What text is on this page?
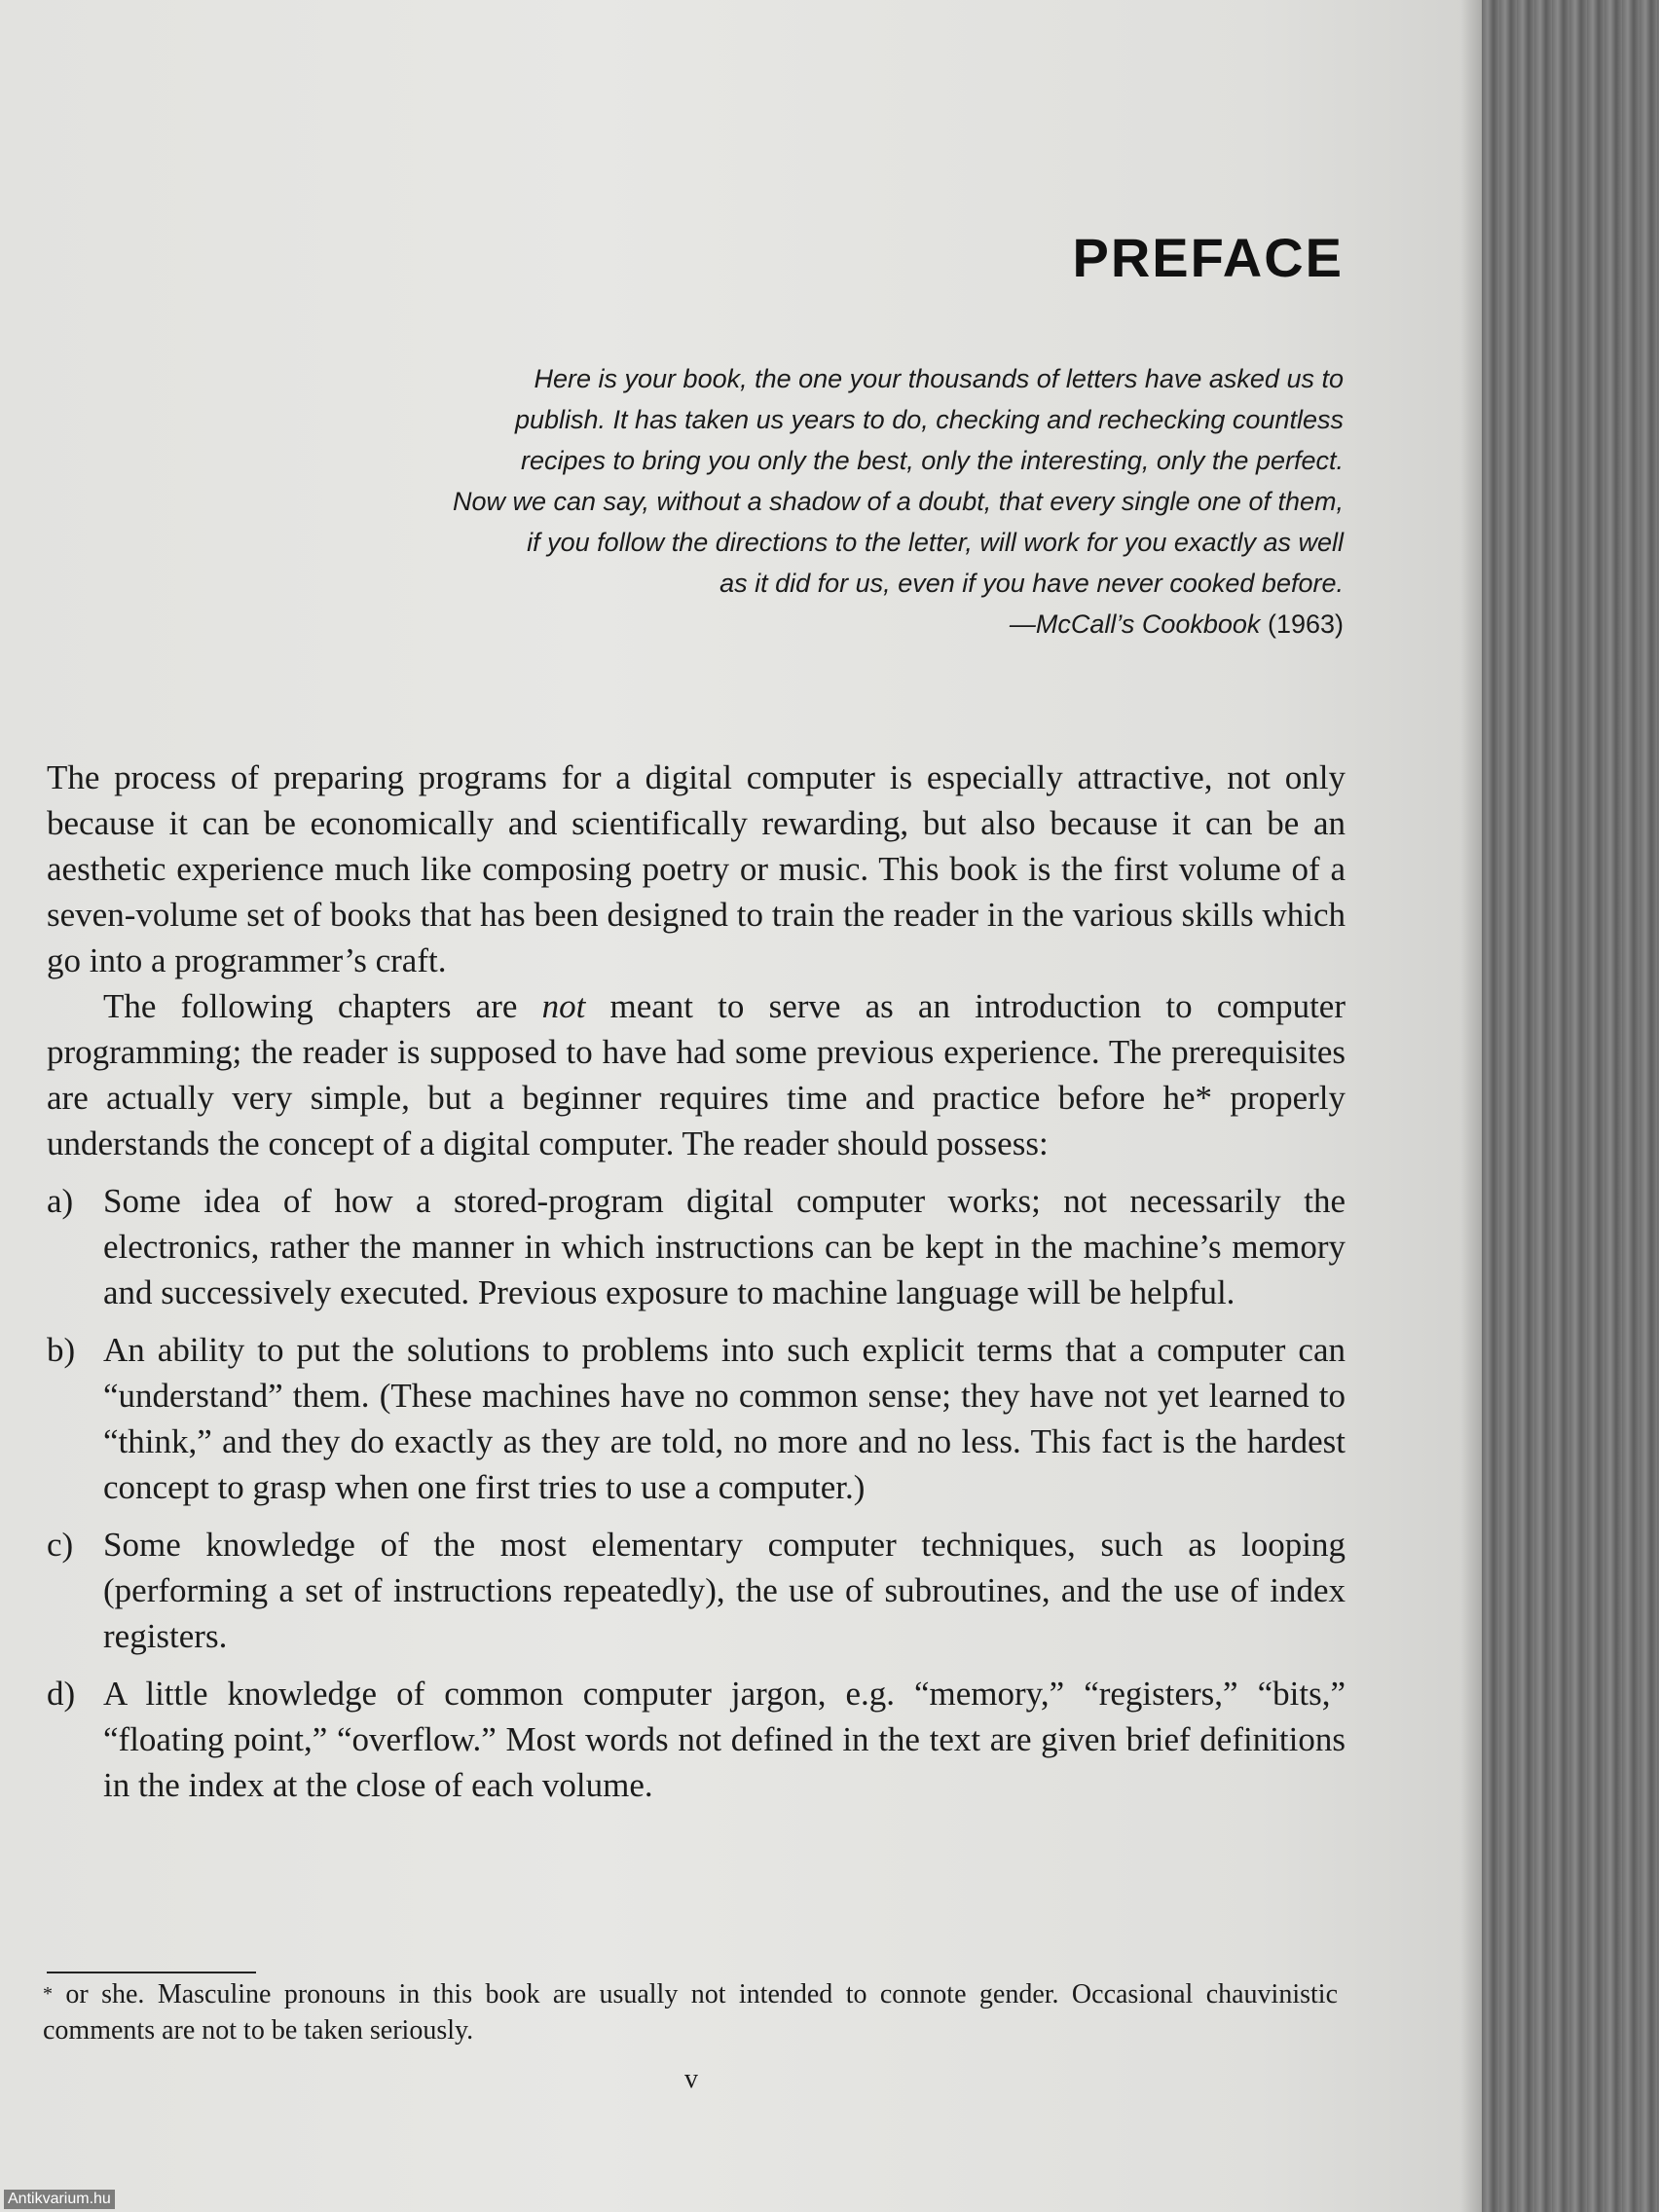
PREFACE
Here is your book, the one your thousands of letters have asked us to
publish. It has taken us years to do, checking and rechecking countless
recipes to bring you only the best, only the interesting, only the perfect.
Now we can say, without a shadow of a doubt, that every single one of them,
if you follow the directions to the letter, will work for you exactly as well
as it did for us, even if you have never cooked before.
—McCall’s Cookbook (1963)

The process of preparing programs for a digital computer is especially attractive, not only because it can be economically and scientifically rewarding, but also because it can be an aesthetic experience much like composing poetry or music. This book is the first volume of a seven-volume set of books that has been designed to train the reader in the various skills which go into a programmer’s craft.

The following chapters are not meant to serve as an introduction to computer programming; the reader is supposed to have had some previous experience. The prerequisites are actually very simple, but a beginner requires time and practice before he* properly understands the concept of a digital computer. The reader should possess:

a) Some idea of how a stored-program digital computer works; not necessarily the electronics, rather the manner in which instructions can be kept in the machine’s memory and successively executed. Previous exposure to machine language will be helpful.
b) An ability to put the solutions to problems into such explicit terms that a computer can “understand” them. (These machines have no common sense; they have not yet learned to “think,” and they do exactly as they are told, no more and no less. This fact is the hardest concept to grasp when one first tries to use a computer.)
c) Some knowledge of the most elementary computer techniques, such as looping (performing a set of instructions repeatedly), the use of subroutines, and the use of index registers.
d) A little knowledge of common computer jargon, e.g. “memory,” “registers,” “bits,” “floating point,” “overflow.” Most words not defined in the text are given brief definitions in the index at the close of each volume.
* or she. Masculine pronouns in this book are usually not intended to connote gender. Occasional chauvinistic comments are not to be taken seriously.
v
Antikvarium.hu
